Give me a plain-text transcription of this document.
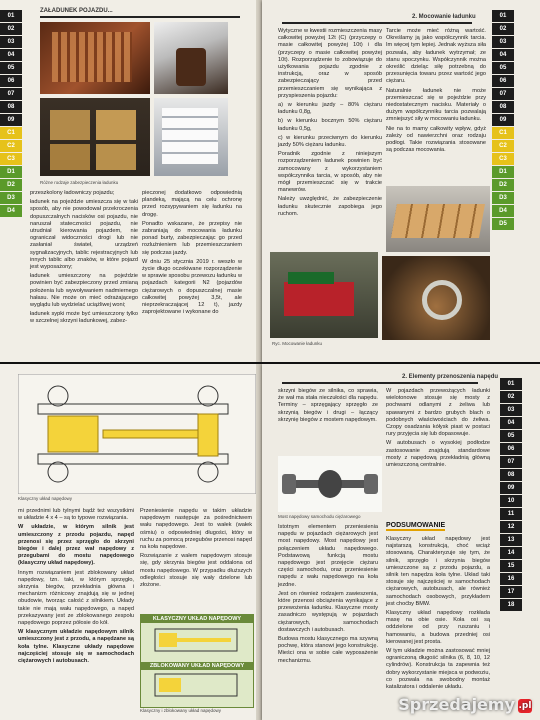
ZAŁADUNEK POJAZDU...
Różne rodzaje zabezpieczenia ładunku

przeszkolony ładowniczy pojazdu;

ładunek na pojeździe umieszcza się w taki sposób, aby nie powodował przekroczenia dopuszczalnych nacisków osi pojazdu, nie naruszał stateczności pojazdu, nie utrudniał kierowania pojazdem, nie ograniczał widoczności drogi lub nie zasłaniał świateł, urządzeń sygnalizacyjnych, tablic rejestracyjnych lub innych tablic albo znaków, w które pojazd jest wyposażony;

ładunek umieszczony na pojeździe powinien być zabezpieczony przed zmianą położenia lub wywoływaniem nadmiernego hałasu. Nie może on mieć odrażającego wyglądu lub wydzielać uciążliwej woni;

ładunek sypki może być umieszczony tylko w szczelnej skrzyni ładunkowej, zabez-

pieczonej dodatkowo odpowiednią plandeką, mającą na celu ochronę przed rozsypywaniem się ładunku na drogę.

Ponadto wskazane, że przepisy nie zabraniają do mocowania ładunku ponad burty, zabezpieczając go przed rozluźnieniem lub przemieszczaniem się podczas jazdy.

W dniu 25 stycznia 2019 r. weszło w życie długo oczekiwane rozporządzenie w sprawie sposobu przewozu ładunku w pojazdach kategorii N2 (pojazdów ciężarowych o dopuszczalnej masie całkowitej powyżej 3,5t, ale nieprzekraczającej 12 t), jazdy zaprojektowane i wykonane do

01
02
03
04
05
06
07
08
09
C1
C2
C3
D1
D2
D3
D4
2. Mocowanie ładunku

Wytyczne w kwestii rozmieszczenia masy całkowitej powyżej 12t (C) (przyczepy o masie całkowitej powyżej 10t) i dla (przyczepy o masie całkowitej powyżej 10t). Rozporządzenie to zobowiązuje do użytkowania pojazdu zgodnie z instrukcją, oraz w sposób zabezpieczający przed przemieszczaniem się wynikająca z przyspieszenia pojazdu:

a) w kierunku jazdy – 80% ciężaru ładunku 0,8g,

b) w kierunku bocznym 50% ciężaru ładunku 0,5g,

c) w kierunku przeciwnym do kierunku jazdy 50% ciężaru ładunku.

Poradnik zgodnie z niniejszym rozporządzeniem ładunek powinien być zamocowany z wykorzystaniem współczynnika tarcia, w sposób, aby nie mógł przemieszczać się w trakcie manewrów.

Należy uwzględnić, że zabezpieczenie ładunku skutecznie zapobiega jego ruchom.

Tarcie może mieć różną wartość. Określamy ją jako współczynnik tarcia. Im więcej tym lepiej. Jednak wyższa siła pozwala, aby ładunek wytrzymał; ze stanu spoczynku. Współczynnik można określić dzieląc siłę potrzebną do przesunięcia towaru przez wartość jego ciężaru.

Naturalnie ładunek nie może przemieszczać się w pojeździe przy niedostatecznym nacisku. Materiały o dużym współczynniku tarcia pozwalają zmniejszyć siły w mocowaniu ładunku.

Nie na to mamy całkowity wpływ, gdyż zależy od nawierzchni oraz rodzaju podłogi. Takie rozwiązania stosowane są podczas mocowania.

Ryc. Mocowanie ładunku
01
02
03
04
05
06
07
08
09
C1
C2
C3
D1
D2
D3
D4
D5
Klasyczny układ napędowy

mi przednimi lub tylnymi bądź też wszystkimi w układzie 4 x 4 – są to typowe rozwiązania.

W układzie, w którym silnik jest umieszczony z przodu pojazdu, napęd przenosi się przez sprzęgło do skrzyni biegów i dalej przez wał napędowy z przegubami do mostu napędowego (klasyczny układ napędowy).

Innym rozwiązaniem jest zblokowany układ napędowy, tzn. taki, w którym sprzęgło, skrzynia biegów, przekładnia główna i mechanizm różnicowy znajdują się w jednej obudowie, tworząc całość z silnikiem. Układy takie nie mają wału napędowego, a napęd przekazywany jest ze zblokowanego zespołu napędowego poprzez półosie do kół.

W klasycznym układzie napędowym silnik umieszczony jest z przodu, a napędzane są koła tylne. Klasyczne układy napędowe najczęściej stosuje się w samochodach ciężarowych i autobusach.

Przeniesienie napędu w takim układzie napędowym następuje za pośrednictwem wału napędowego. Jest to wałek (wałek ośmiu) o odpowiedniej długości, który w ruchu za pomocą przegubów przenosi napęd na koła napędowe.

Rozwiązanie z wałem napędowym stosuje się, gdy skrzynia biegów jest oddalona od mostu napędowego. W przypadku dłuższych odległości stosuje się wały dzielone lub złożone.

KLASYCZNY UKŁAD NAPĘDOWY
ZBLOKOWANY UKŁAD NAPĘDOWY
Klasyczny i zblokowany układ napędowy
2. Elementy przenoszenia napędu

skrzyni biegów ze silnika, co sprawia, że wał ma stała nieczułości dla napędu. Terminy – sprzęgający sprzęgło ze skrzynią biegów i drugi – łączący skrzynię biegów z mostem napędowym.

Most napędowy samochodu ciężarowego

Istotnym elementem przeniesienia napędu w pojazdach ciężarowych jest most napędowy. Most napędowy jest połączeniem układu napędowego. Podstawową funkcją mostu napędowego jest przejęcie ciężaru części samochodu, oraz przeniesienie napędu z wału napędowego na koła jezdne.

Jest on również rodzajem zawieszenia, które przenosi obciążenia wynikające z przewożenia ładunku. Klasyczne mosty zasadniczo występują w pojazdach ciężarowych, samochodach dostawczych i autobusach.

Budowa mostu klasycznego ma szywną pochwę, która stanowi jego konstrukcję. Mieści ona w sobie całe wyposażenie mechanizmu.

W pojazdach przewożących ładunki wielotonowe stosuje się mosty z pochwami odlanymi z żeliwa lub spawanymi z bardzo grubych blach o podobnych właściwościach do żeliwa. Czopy osadzania kółysk piast w postaci rury przyjęcia się lub dopasowuje.

W autobusach o wysokiej podłodze zastosowanie znajdują standardowe mosty z napędową przekładnią główną umieszczoną centralnie.

PODSUMOWANIE

Klasyczny układ napędowy jest najstarszą konstrukcją, choć wciąż stosowaną. Charakteryzuje się tym, że silnik, sprzęgło i skrzynia biegów umieszczone są z przodu pojazdu, a silnik ten napędza koła tylne. Układ taki stosuje się najczęściej w samochodach ciężarowych, autobusach, ale również samochodach osobowych, przykładem jest choćby BMW.

Klasyczny układ napędowy rozkłada masę na obie osie. Koła osi są oddzielone od przy ruszaniu i hamowaniu, a budowa przedniej osi kierowanej jest prosta.

W tym układzie można zastosować mniej ograniczoną długość silnika (6, 8, 10, 12 cylindrów). Konstrukcja ta zapewnia też dobry wykorzystanie miejsca w podwoziu, co pozwala na swobodny montaż katalizatora i oddalenie układu.

01
02
03
04
05
06
07
08
09
10
11
12
13
14
15
16
17
18
Sprzedajemy .pl
